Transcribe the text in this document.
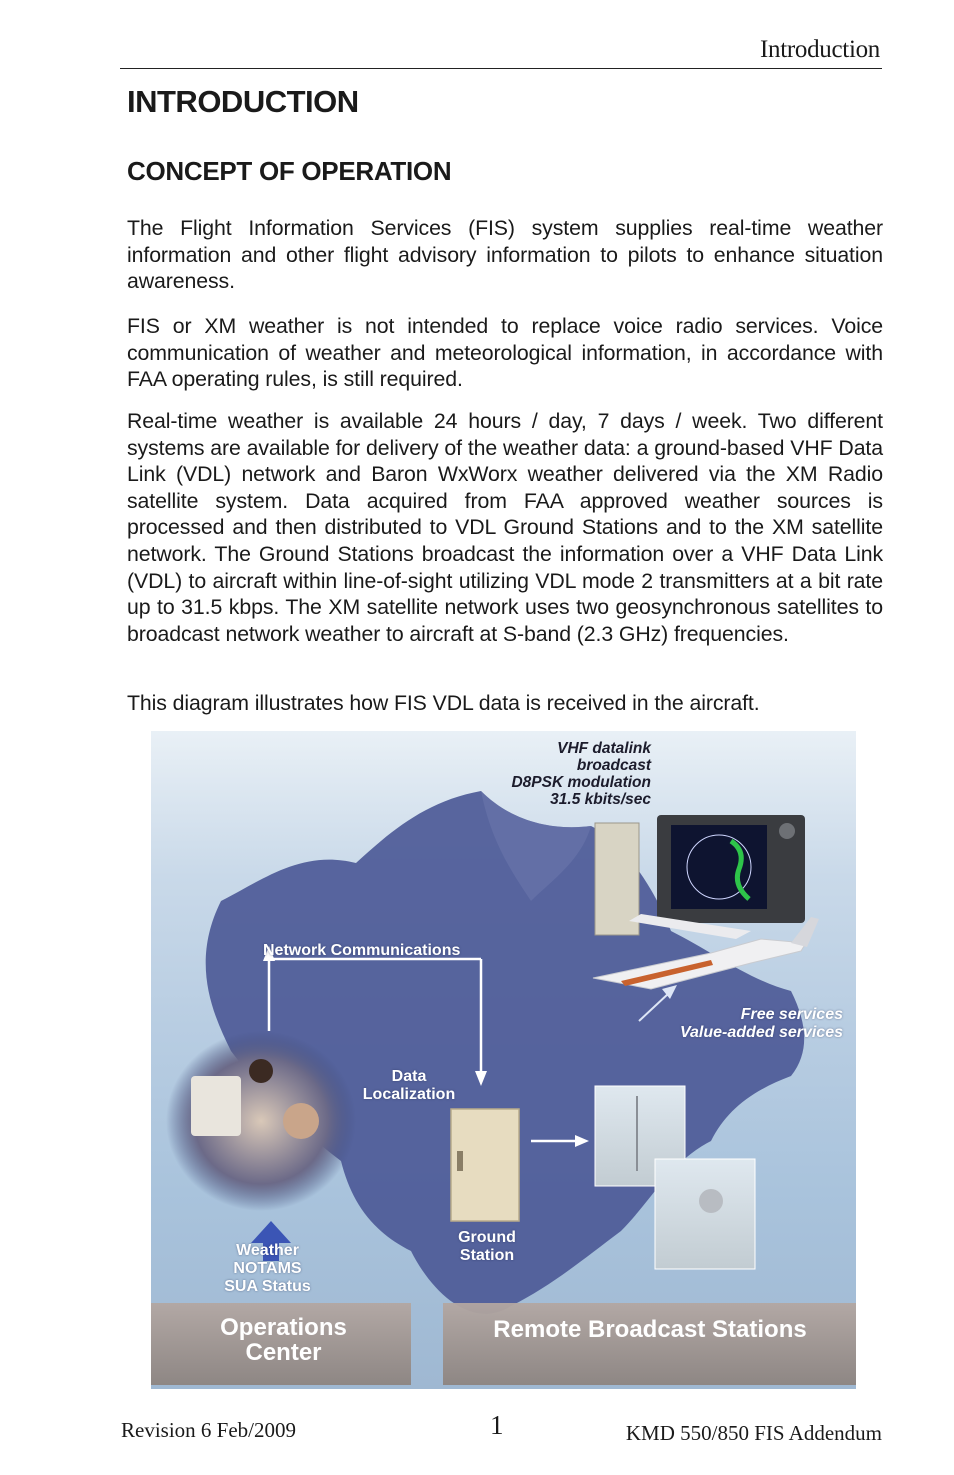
Introduction
INTRODUCTION
CONCEPT OF OPERATION

The Flight Information Services (FIS) system supplies real-time weather information and other flight advisory information to pilots to enhance situation awareness.

FIS or XM weather is not intended to replace voice radio services. Voice communication of weather and meteorological information, in accordance with FAA operating rules, is still required.

Real-time weather is available 24 hours / day, 7 days / week. Two different systems are available for delivery of the weather data: a ground-based VHF Data Link (VDL) network and Baron WxWorx weather delivered via the XM Radio satellite system. Data acquired from FAA approved weather sources is processed and then distributed to VDL Ground Stations and to the XM satellite network. The Ground Stations broadcast the information over a VHF Data Link (VDL) to aircraft within line-of-sight utilizing VDL mode 2 transmitters at a bit rate up to 31.5 kbps. The XM satellite network uses two geosynchronous satellites to broadcast network weather to aircraft at S-band (2.3 GHz) frequencies.

This diagram illustrates how FIS VDL data is received in the aircraft.

VHF datalink
broadcast
D8PSK modulation
31.5 kbits/sec
Network Communications
Free services
Value-added services
Data
Localization
Ground
Station
Weather
NOTAMS
SUA Status
Operations
Center
Remote Broadcast Stations
Revision 6 Feb/2009	1	KMD 550/850 FIS Addendum
